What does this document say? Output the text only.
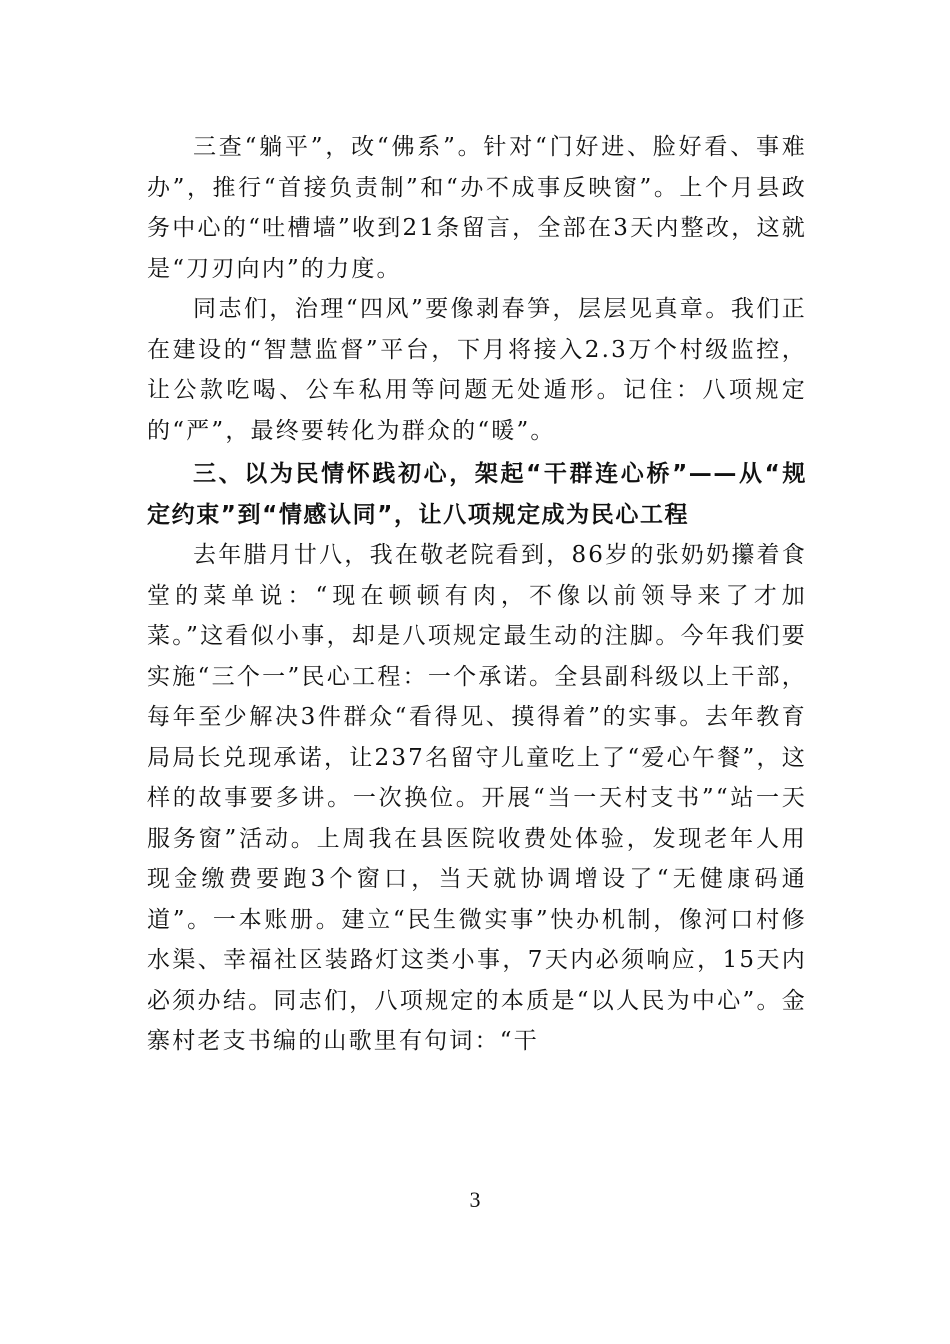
三查“躺平”，改“佛系”。针对“门好进、脸好看、事难办”，推行“首接负责制”和“办不成事反映窗”。上个月县政务中心的“吐槽墙”收到21条留言，全部在3天内整改，这就是“刀刃向内”的力度。

同志们，治理“四风”要像剥春笋，层层见真章。我们正在建设的“智慧监督”平台，下月将接入2.3万个村级监控，让公款吃喝、公车私用等问题无处遁形。记住：八项规定的“严”，最终要转化为群众的“暖”。

三、以为民情怀践初心，架起“干群连心桥”——从“规定约束”到“情感认同”，让八项规定成为民心工程

去年腊月廿八，我在敬老院看到，86岁的张奶奶攥着食堂的菜单说：“现在顿顿有肉，不像以前领导来了才加菜。”这看似小事，却是八项规定最生动的注脚。今年我们要实施“三个一”民心工程：一个承诺。全县副科级以上干部，每年至少解决3件群众“看得见、摸得着”的实事。去年教育局局长兑现承诺，让237名留守儿童吃上了“爱心午餐”，这样的故事要多讲。一次换位。开展“当一天村支书”“站一天服务窗”活动。上周我在县医院收费处体验，发现老年人用现金缴费要跑3个窗口，当天就协调增设了“无健康码通道”。一本账册。建立“民生微实事”快办机制，像河口村修水渠、幸福社区装路灯这类小事，7天内必须响应，15天内必须办结。同志们，八项规定的本质是“以人民为中心”。金寨村老支书编的山歌里有句词：“干

3
